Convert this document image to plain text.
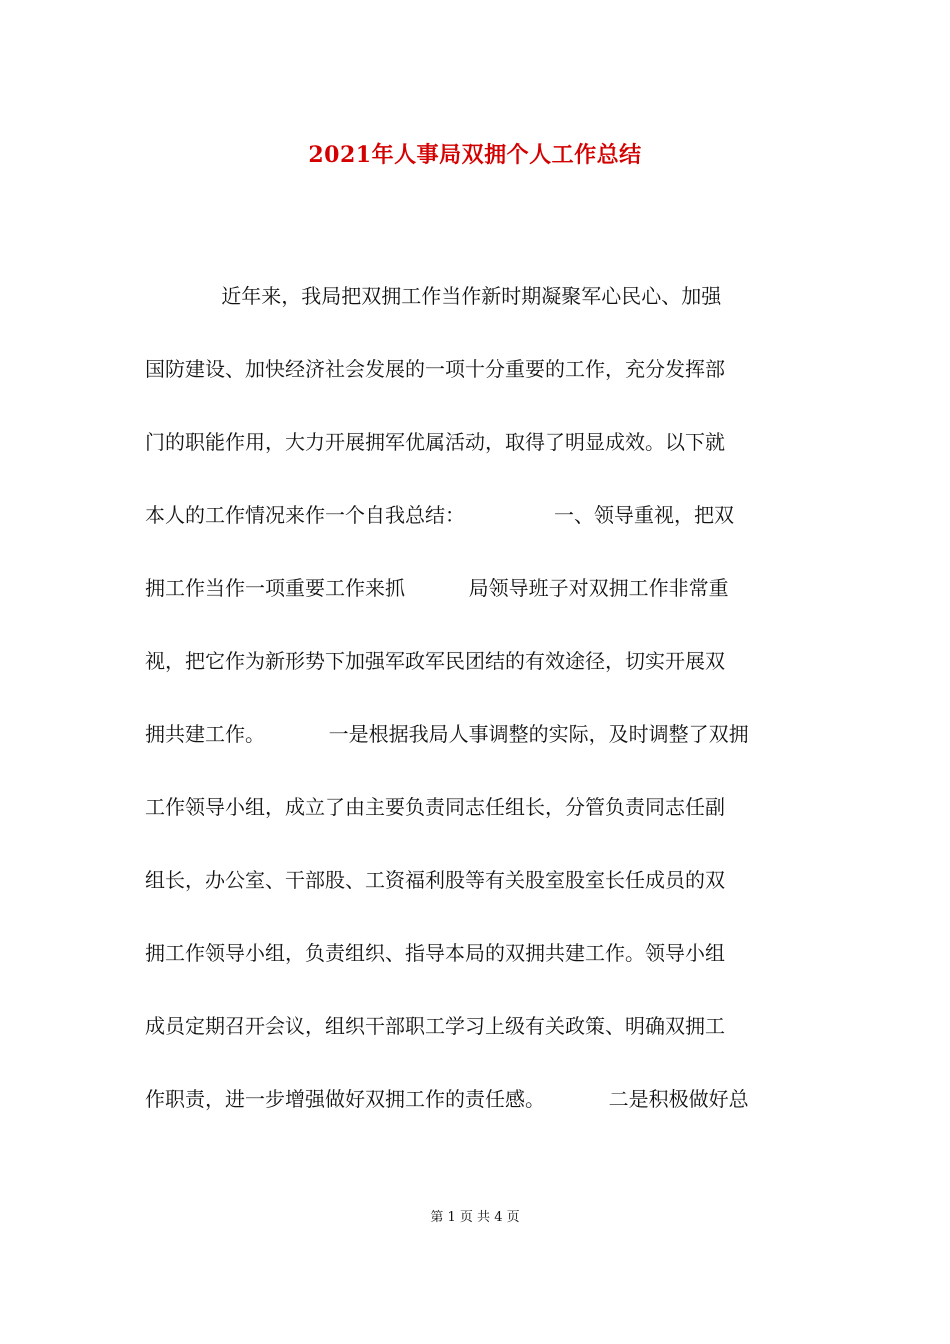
2021年人事局双拥个人工作总结
近年来，我局把双拥工作当作新时期凝聚军心民心、加强
国防建设、加快经济社会发展的一项十分重要的工作，充分发挥部
门的职能作用，大力开展拥军优属活动，取得了明显成效。以下就
本人的工作情况来作一个自我总结：              一、领导重视，把双
拥工作当作一项重要工作来抓          局领导班子对双拥工作非常重
视，把它作为新形势下加强军政军民团结的有效途径，切实开展双
拥共建工作。          一是根据我局人事调整的实际，及时调整了双拥
工作领导小组，成立了由主要负责同志任组长，分管负责同志任副
组长，办公室、干部股、工资福利股等有关股室股室长任成员的双
拥工作领导小组，负责组织、指导本局的双拥共建工作。领导小组
成员定期召开会议，组织干部职工学习上级有关政策、明确双拥工
作职责，进一步增强做好双拥工作的责任感。          二是积极做好总
第 1 页 共 4 页
